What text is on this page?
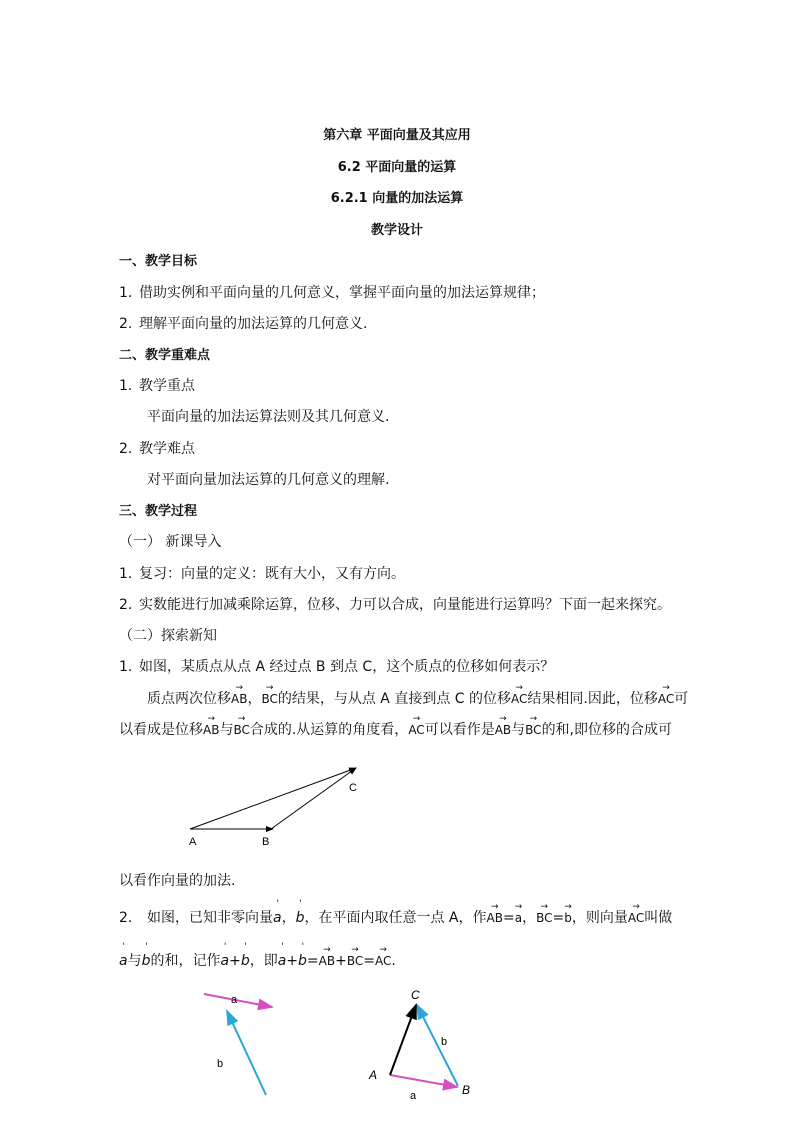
第六章 平面向量及其应用
6.2 平面向量的运算
6.2.1 向量的加法运算
教学设计
一、教学目标
1. 借助实例和平面向量的几何意义，掌握平面向量的加法运算规律；
2. 理解平面向量的加法运算的几何意义.
二、教学重难点
1. 教学重点
平面向量的加法运算法则及其几何意义.
2. 教学难点
对平面向量加法运算的几何意义的理解.
三、教学过程
（一） 新课导入
1. 复习：向量的定义：既有大小，又有方向。
2. 实数能进行加减乘除运算，位移、力可以合成，向量能进行运算吗？下面一起来探究。
（二）探索新知
1. 如图，某质点从点 A 经过点 B 到点 C，这个质点的位移如何表示？
质点两次位移→ AB，→ BC的结果，与从点 A 直接到点 C 的位移→ AC结果相同.因此，位移→ AC可
以看成是位移→ AB与→ BC合成的.从运算的角度看，→ AC可以看作是→ AB与→ BC的和,即位移的合成可
A	B
C
以看作向量的加法.
2. 如图，已知非零向量' a，' b，在平面内取任意一点 A，作→ AB=→ a，→ BC=→ b，则向量→ AC叫做
' a与' b的和，记作' a+' b，即' a+' b=→ AB+→ BC=→ AC.
a
b
C
A
B
b
a
